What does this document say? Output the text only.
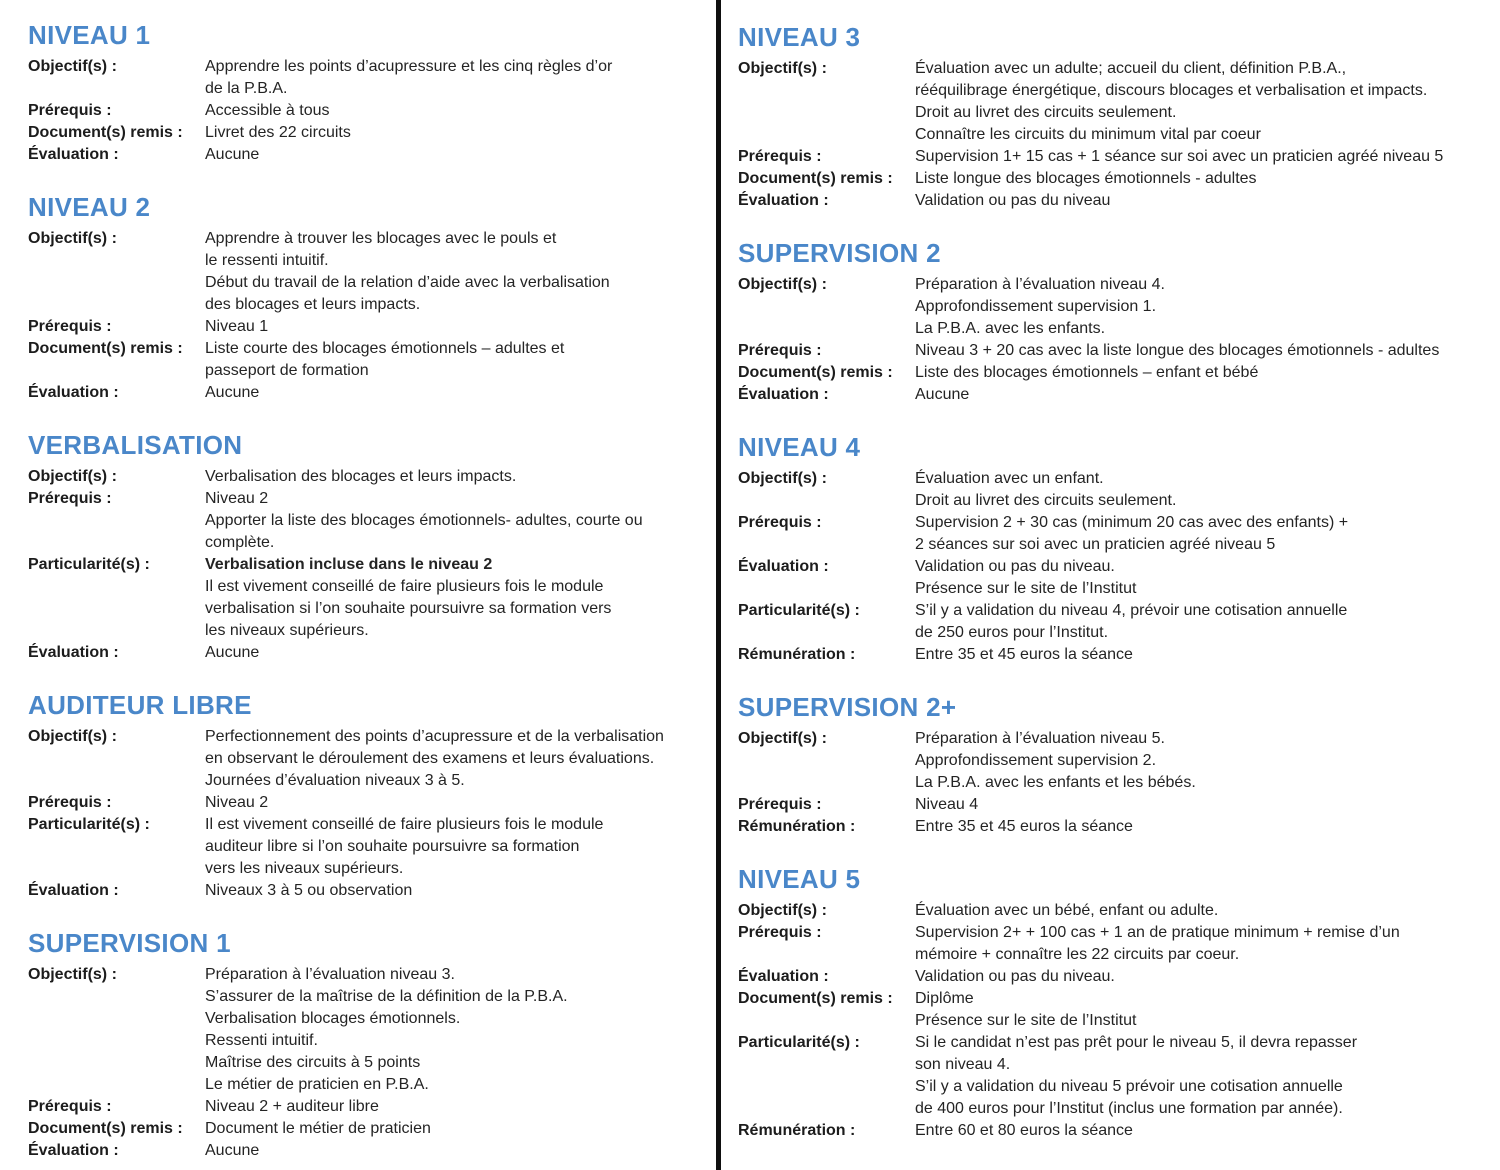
NIVEAU 1
Objectif(s) :	Apprendre les points d’acupressure et les cinq règles d’or
de la P.B.A.
Prérequis :	Accessible à tous
Document(s) remis :	Livret des 22 circuits
Évaluation :	Aucune
NIVEAU 2
Objectif(s) :	Apprendre à trouver les blocages avec le pouls et
le ressenti intuitif.
Début du travail de la relation d’aide avec la verbalisation
des blocages et leurs impacts.
Prérequis :	Niveau 1
Document(s) remis :	Liste courte des blocages émotionnels – adultes et
passeport de formation
Évaluation :	Aucune
VERBALISATION
Objectif(s) :	Verbalisation des blocages et leurs impacts.
Prérequis :	Niveau 2
Apporter la liste des blocages émotionnels- adultes, courte ou
complète.
Particularité(s) :	Verbalisation incluse dans le niveau 2
Il est vivement conseillé de faire plusieurs fois le module
verbalisation si l’on souhaite poursuivre sa formation vers
les niveaux supérieurs.
Évaluation :	Aucune
AUDITEUR LIBRE
Objectif(s) :	Perfectionnement des points d’acupressure et de la verbalisation
en observant le déroulement des examens et leurs évaluations.
Journées d’évaluation niveaux 3 à 5.
Prérequis :	Niveau 2
Particularité(s) :	Il est vivement conseillé de faire plusieurs fois le module
auditeur libre si l’on souhaite poursuivre sa formation
vers les niveaux supérieurs.
Évaluation :	Niveaux 3 à 5 ou observation
SUPERVISION 1
Objectif(s) :	Préparation à l’évaluation niveau 3.
S’assurer de la maîtrise de la définition de la P.B.A.
Verbalisation blocages émotionnels.
Ressenti intuitif.
Maîtrise des circuits à 5 points
Le métier de praticien en P.B.A.
Prérequis :	Niveau 2 + auditeur libre
Document(s) remis :	Document le métier de praticien
Évaluation :	Aucune
NIVEAU 3
Objectif(s) :	Évaluation avec un adulte; accueil du client, définition P.B.A.,
rééquilibrage énergétique, discours blocages et verbalisation et impacts.
Droit au livret des circuits seulement.
Connaître les circuits du minimum vital par coeur
Prérequis :	Supervision 1+ 15 cas + 1 séance sur soi avec un praticien agréé niveau 5
Document(s) remis :	Liste longue des blocages émotionnels - adultes
Évaluation :	Validation ou pas du niveau
SUPERVISION 2
Objectif(s) :	Préparation à l’évaluation niveau 4.
Approfondissement supervision 1.
La P.B.A. avec les enfants.
Prérequis :	Niveau 3 + 20 cas avec la liste longue des blocages émotionnels - adultes
Document(s) remis :	Liste des blocages émotionnels – enfant et bébé
Évaluation :	Aucune
NIVEAU 4
Objectif(s) :	Évaluation avec un enfant.
Droit au livret des circuits seulement.
Prérequis :	Supervision 2 + 30 cas (minimum 20 cas avec des enfants) +
2 séances sur soi avec un praticien agréé niveau 5
Évaluation :	Validation ou pas du niveau.
Présence sur le site de l’Institut
Particularité(s) :	S’il y a validation du niveau 4, prévoir une cotisation annuelle
de 250 euros pour l’Institut.
Rémunération :	Entre 35 et 45 euros la séance
SUPERVISION 2+
Objectif(s) :	Préparation à l’évaluation niveau 5.
Approfondissement supervision 2.
La P.B.A. avec les enfants et les bébés.
Prérequis :	Niveau 4
Rémunération :	Entre 35 et 45 euros la séance
NIVEAU 5
Objectif(s) :	Évaluation avec un bébé, enfant ou adulte.
Prérequis :	Supervision 2+ + 100 cas + 1 an de pratique minimum + remise d’un
mémoire + connaître les 22 circuits par coeur.
Évaluation :	Validation ou pas du niveau.
Document(s) remis :	Diplôme
Présence sur le site de l’Institut
Particularité(s) :	Si le candidat n’est pas prêt pour le niveau 5, il devra repasser
son niveau 4.
S’il y a validation du niveau 5 prévoir une cotisation annuelle
de 400 euros pour l’Institut (inclus une formation par année).
Rémunération :	Entre 60 et 80 euros la séance
